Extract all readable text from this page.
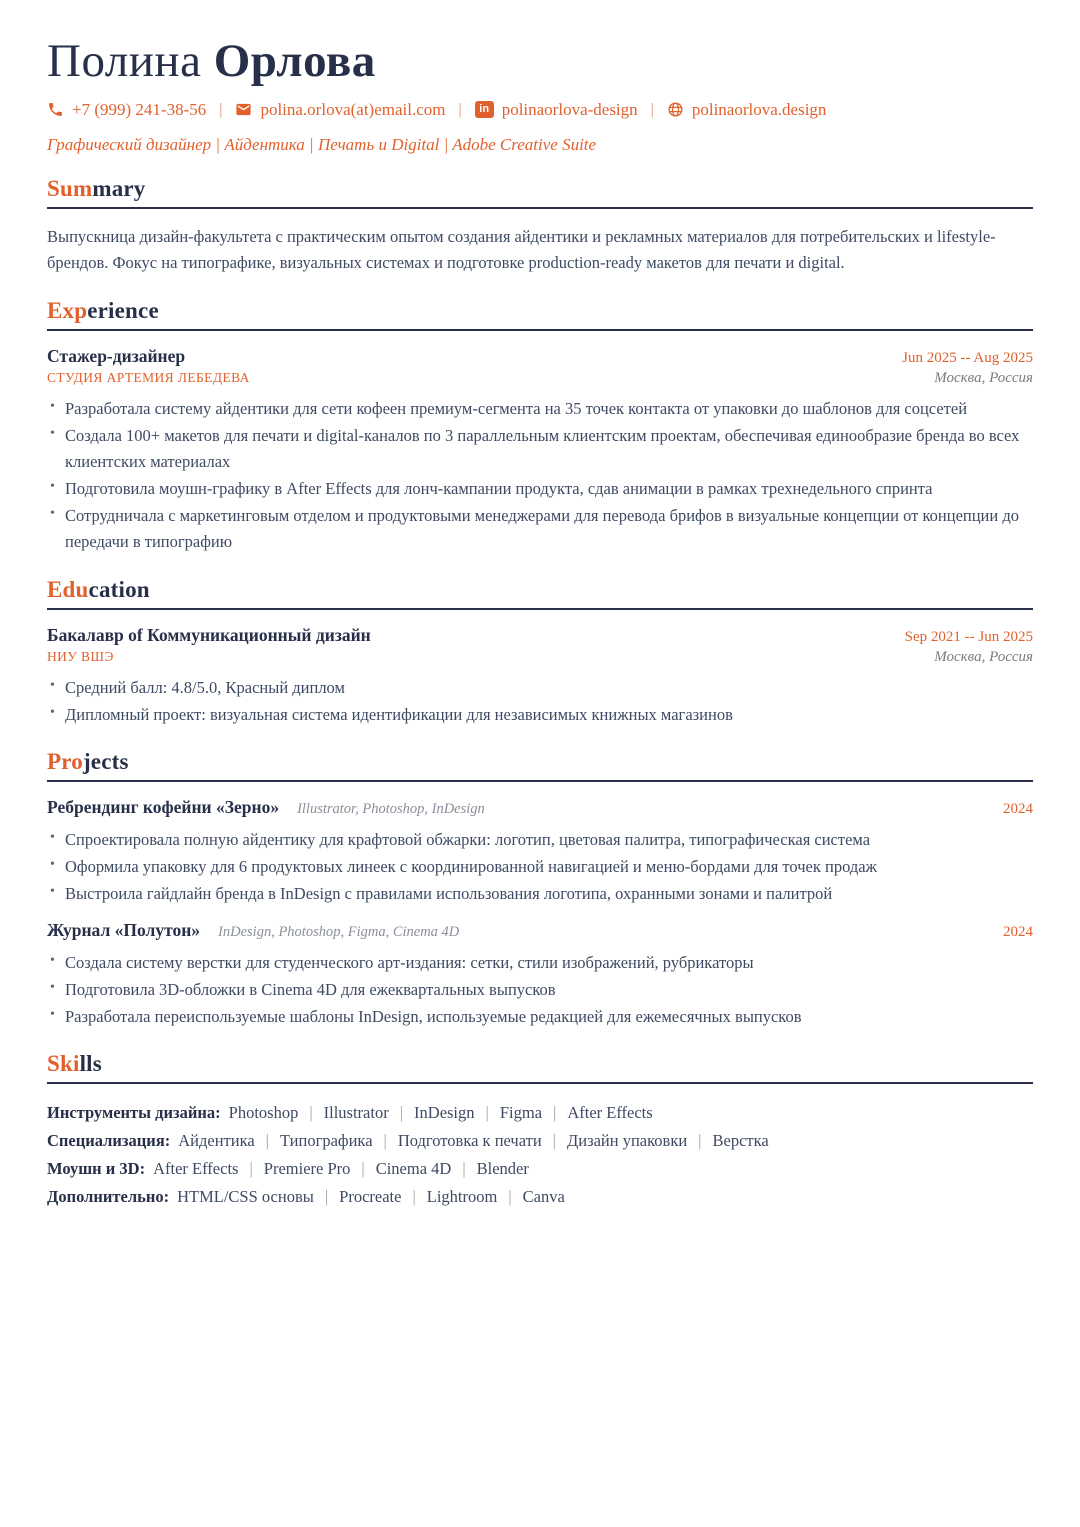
Полина Орлова
+7 (999) 241-38-56 | polina.orlova(at)email.com |	in polinaorlova-design | polinaorlova.design
Графический дизайнер | Айдентика | Печать и Digital | Adobe Creative Suite
Summary

Выпускница дизайн-факультета с практическим опытом создания айдентики и рекламных материалов для потребительских и lifestyle-брендов. Фокус на типографике, визуальных системах и подготовке production-ready макетов для печати и digital.

Experience
Стажер-дизайнер	Jun 2025 -- Aug 2025
СТУДИЯ АРТЕМИЯ ЛЕБЕДЕВА	Москва, Россия
• Разработала систему айдентики для сети кофеен премиум-сегмента на 35 точек контакта от упаковки до шаблонов для соцсетей
• Создала 100+ макетов для печати и digital-каналов по 3 параллельным клиентским проектам, обеспечивая единообразие бренда во всех клиентских материалах
• Подготовила моушн-графику в After Effects для лонч-кампании продукта, сдав анимации в рамках трехнедельного спринта
• Сотрудничала с маркетинговым отделом и продуктовыми менеджерами для перевода брифов в визуальные концепции от концепции до передачи в типографию
Education
Бакалавр of Коммуникационный дизайн	Sep 2021 -- Jun 2025
НИУ ВШЭ	Москва, Россия
• Средний балл: 4.8/5.0, Красный диплом
• Дипломный проект: визуальная система идентификации для независимых книжных магазинов
Projects
Ребрендинг кофейни «Зерно» Illustrator, Photoshop, InDesign	2024
• Спроектировала полную айдентику для крафтовой обжарки: логотип, цветовая палитра, типографическая система
• Оформила упаковку для 6 продуктовых линеек с координированной навигацией и меню-бордами для точек продаж
• Выстроила гайдлайн бренда в InDesign с правилами использования логотипа, охранными зонами и палитрой
Журнал «Полутон» InDesign, Photoshop, Figma, Cinema 4D	2024
• Создала систему верстки для студенческого арт-издания: сетки, стили изображений, рубрикаторы
• Подготовила 3D-обложки в Cinema 4D для ежеквартальных выпусков
• Разработала переиспользуемые шаблоны InDesign, используемые редакцией для ежемесячных выпусков
Skills
Инструменты дизайна: Photoshop | Illustrator | InDesign | Figma | After Effects
Специализация: Айдентика | Типографика | Подготовка к печати | Дизайн упаковки | Верстка
Моушн и 3D: After Effects | Premiere Pro | Cinema 4D | Blender
Дополнительно: HTML/CSS основы | Procreate | Lightroom | Canva
